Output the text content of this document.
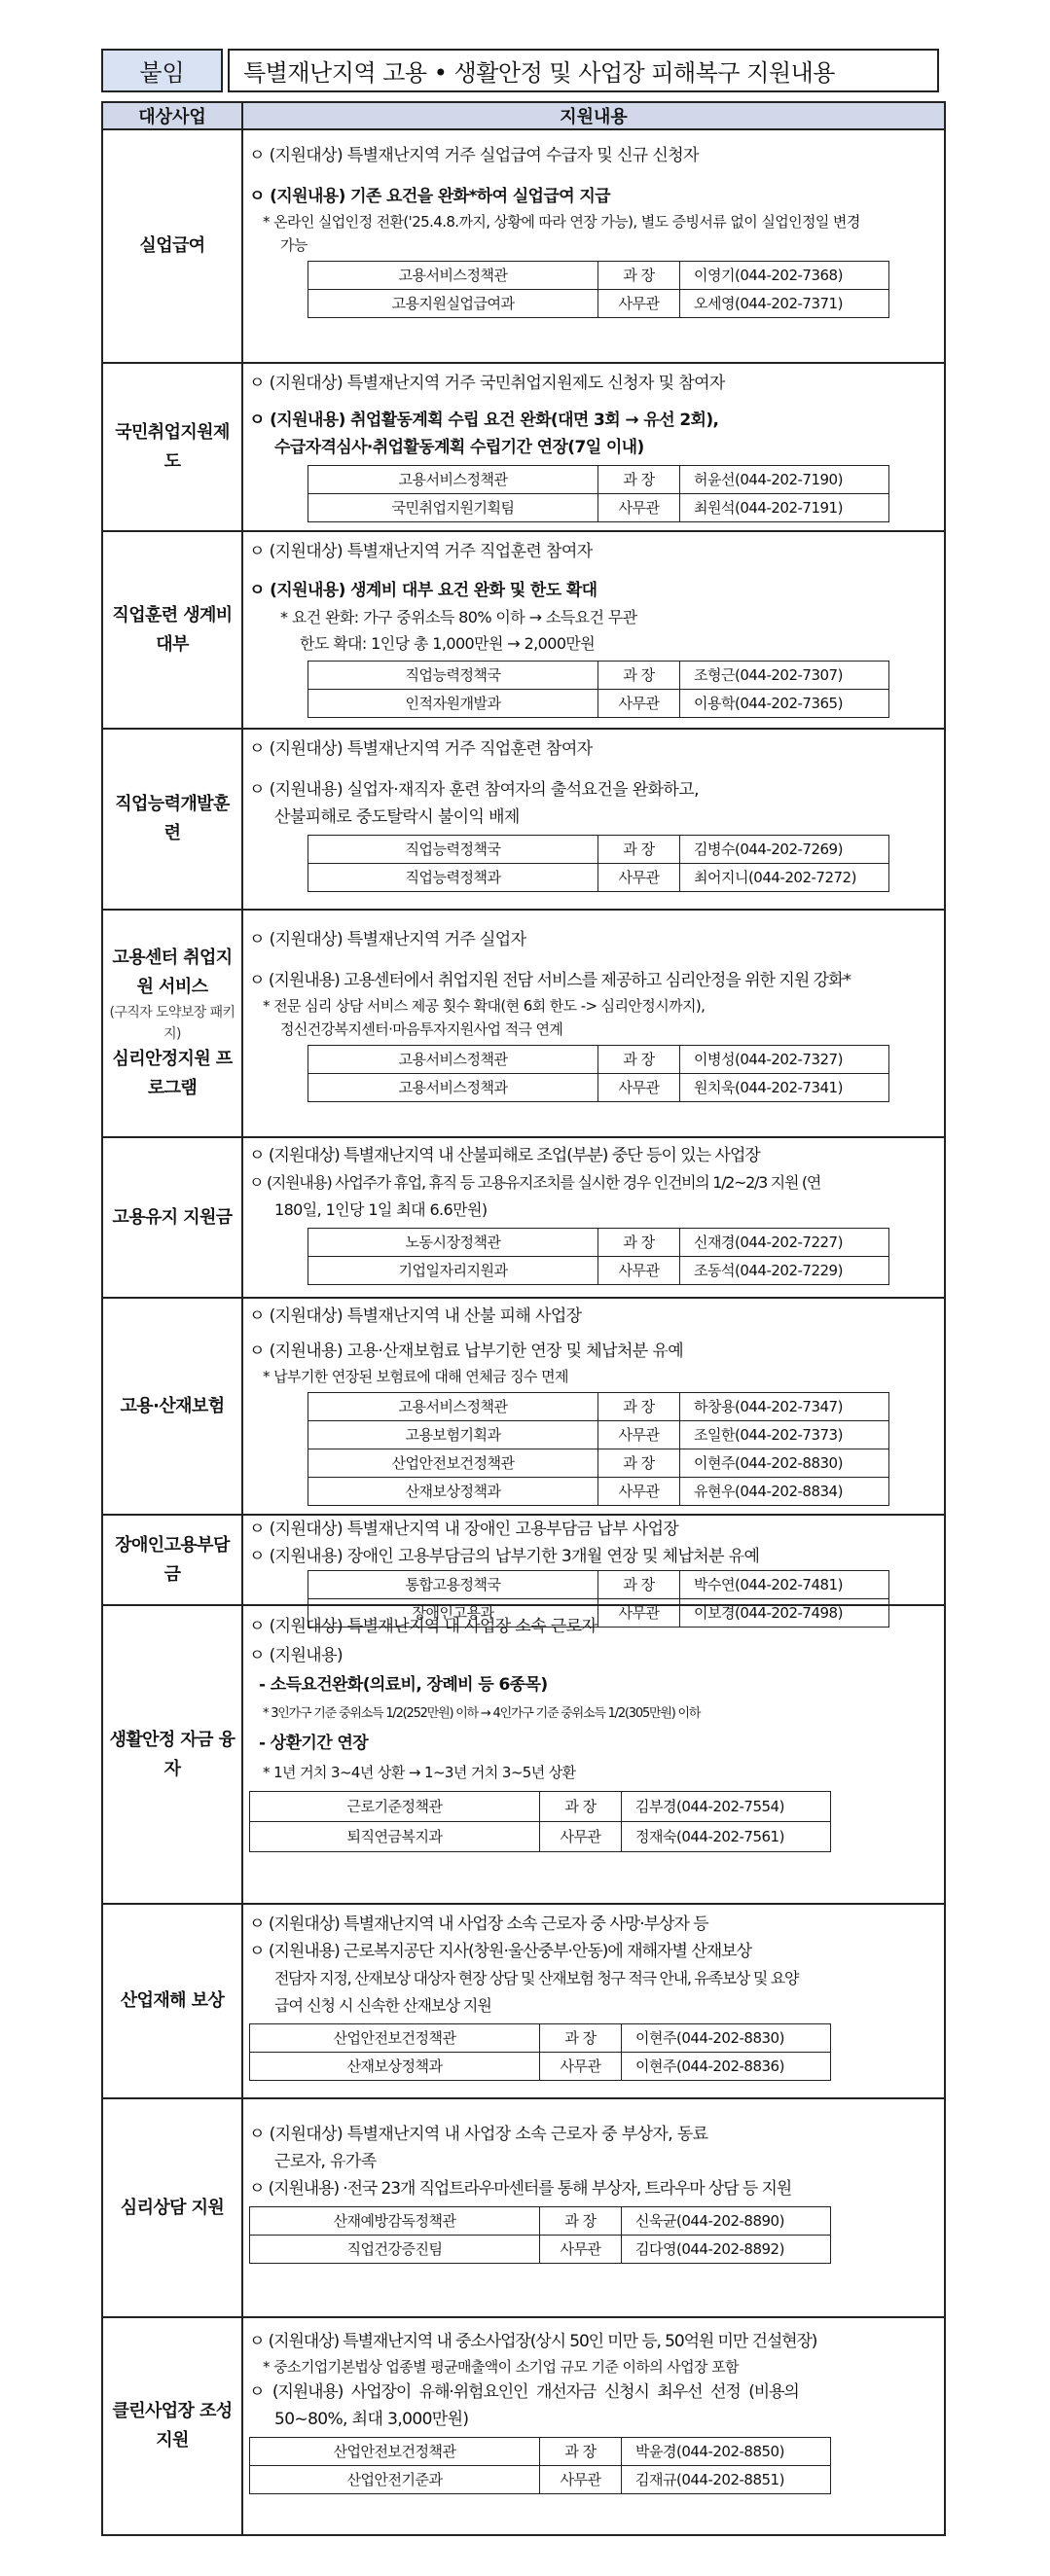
붙임	특별재난지역 고용 • 생활안정 및 사업장 피해복구 지원내용
대상사업	지원내용
실업급여
ㅇ (지원대상) 특별재난지역 거주 실업급여 수급자 및 신규 신청자
ㅇ (지원내용) 기존 요건을 완화*하여 실업급여 지급
* 온라인 실업인정 전환('25.4.8.까지, 상황에 따라 연장 가능), 별도 증빙서류 없이 실업인정일 변경
가능
고용서비스정책관	과 장	이영기(044-202-7368)
고용지원실업급여과	사무관	오세영(044-202-7371)
국민취업지원제도
ㅇ (지원대상) 특별재난지역 거주 국민취업지원제도 신청자 및 참여자
ㅇ (지원내용) 취업활동계획 수립 요건 완화(대면 3회 → 유선 2회),
수급자격심사·취업활동계획 수립기간 연장(7일 이내)
고용서비스정책관	과 장	허윤선(044-202-7190)
국민취업지원기획팀	사무관	최원석(044-202-7191)
직업훈련 생계비 대부
ㅇ (지원대상) 특별재난지역 거주 직업훈련 참여자
ㅇ (지원내용) 생계비 대부 요건 완화 및 한도 확대
* 요건 완화: 가구 중위소득 80% 이하 → 소득요건 무관
한도 확대: 1인당 총 1,000만원 → 2,000만원
직업능력정책국	과 장	조형근(044-202-7307)
인적자원개발과	사무관	이용학(044-202-7365)
직업능력개발훈련
ㅇ (지원대상) 특별재난지역 거주 직업훈련 참여자
ㅇ (지원내용) 실업자·재직자 훈련 참여자의 출석요건을 완화하고,
산불피해로 중도탈락시 불이익 배제
직업능력정책국	과 장	김병수(044-202-7269)
직업능력정책과	사무관	최어지니(044-202-7272)
고용센터 취업지원 서비스
(구직자 도약보장 패키지)
심리안정지원 프로그램
ㅇ (지원대상) 특별재난지역 거주 실업자
ㅇ (지원내용) 고용센터에서 취업지원 전담 서비스를 제공하고 심리안정을 위한 지원 강화*
* 전문 심리 상담 서비스 제공 횟수 확대(현 6회 한도 -> 심리안정시까지),
정신건강복지센터·마음투자지원사업 적극 연계
고용서비스정책관	과 장	이병성(044-202-7327)
고용서비스정책과	사무관	원치욱(044-202-7341)
고용유지 지원금
ㅇ (지원대상) 특별재난지역 내 산불피해로 조업(부분) 중단 등이 있는 사업장
ㅇ (지원내용) 사업주가 휴업, 휴직 등 고용유지조치를 실시한 경우 인건비의 1/2~2/3 지원 (연
180일, 1인당 1일 최대 6.6만원)
노동시장정책관	과 장	신재경(044-202-7227)
기업일자리지원과	사무관	조동석(044-202-7229)
고용·산재보험
ㅇ (지원대상) 특별재난지역 내 산불 피해 사업장
ㅇ (지원내용) 고용·산재보험료 납부기한 연장 및 체납처분 유예
* 납부기한 연장된 보험료에 대해 연체금 징수 면제
고용서비스정책관	과 장	하창용(044-202-7347)
고용보험기획과	사무관	조일한(044-202-7373)
산업안전보건정책관	과 장	이현주(044-202-8830)
산재보상정책과	사무관	유현우(044-202-8834)
장애인고용부담금
ㅇ (지원대상) 특별재난지역 내 장애인 고용부담금 납부 사업장
ㅇ (지원내용) 장애인 고용부담금의 납부기한 3개월 연장 및 체납처분 유예
통합고용정책국	과 장	박수연(044-202-7481)
장애인고용과	사무관	이보경(044-202-7498)
생활안정 자금 융자
ㅇ (지원대상) 특별재난지역 내 사업장 소속 근로자
ㅇ (지원내용)
- 소득요건완화(의료비, 장례비 등 6종목)
* 3인가구 기준 중위소득 1/2(252만원) 이하 → 4인가구 기준 중위소득 1/2(305만원) 이하
- 상환기간 연장
* 1년 거치 3~4년 상환 → 1~3년 거치 3~5년 상환
근로기준정책관	과 장	김부경(044-202-7554)
퇴직연금복지과	사무관	정재숙(044-202-7561)
산업재해 보상
ㅇ (지원대상) 특별재난지역 내 사업장 소속 근로자 중 사망·부상자 등
ㅇ (지원내용) 근로복지공단 지사(창원·울산중부·안동)에 재해자별 산재보상
전담자 지정, 산재보상 대상자 현장 상담 및 산재보험 청구 적극 안내, 유족보상 및 요양
급여 신청 시 신속한 산재보상 지원
산업안전보건정책관	과 장	이현주(044-202-8830)
산재보상정책과	사무관	이현주(044-202-8836)
심리상담 지원
ㅇ (지원대상) 특별재난지역 내 사업장 소속 근로자 중 부상자, 동료
근로자, 유가족
ㅇ (지원내용) ·전국 23개 직업트라우마센터를 통해 부상자, 트라우마 상담 등 지원
산재예방감독정책관	과 장	신욱균(044-202-8890)
직업건강증진팀	사무관	김다영(044-202-8892)
클린사업장 조성지원
ㅇ (지원대상) 특별재난지역 내 중소사업장(상시 50인 미만 등, 50억원 미만 건설현장)
* 중소기업기본법상 업종별 평균매출액이 소기업 규모 기준 이하의 사업장 포함
ㅇ  (지원내용)  사업장이  유해·위험요인인  개선자금  신청시  최우선  선정  (비용의
50~80%, 최대 3,000만원)
산업안전보건정책관	과 장	박윤경(044-202-8850)
산업안전기준과	사무관	김재규(044-202-8851)
